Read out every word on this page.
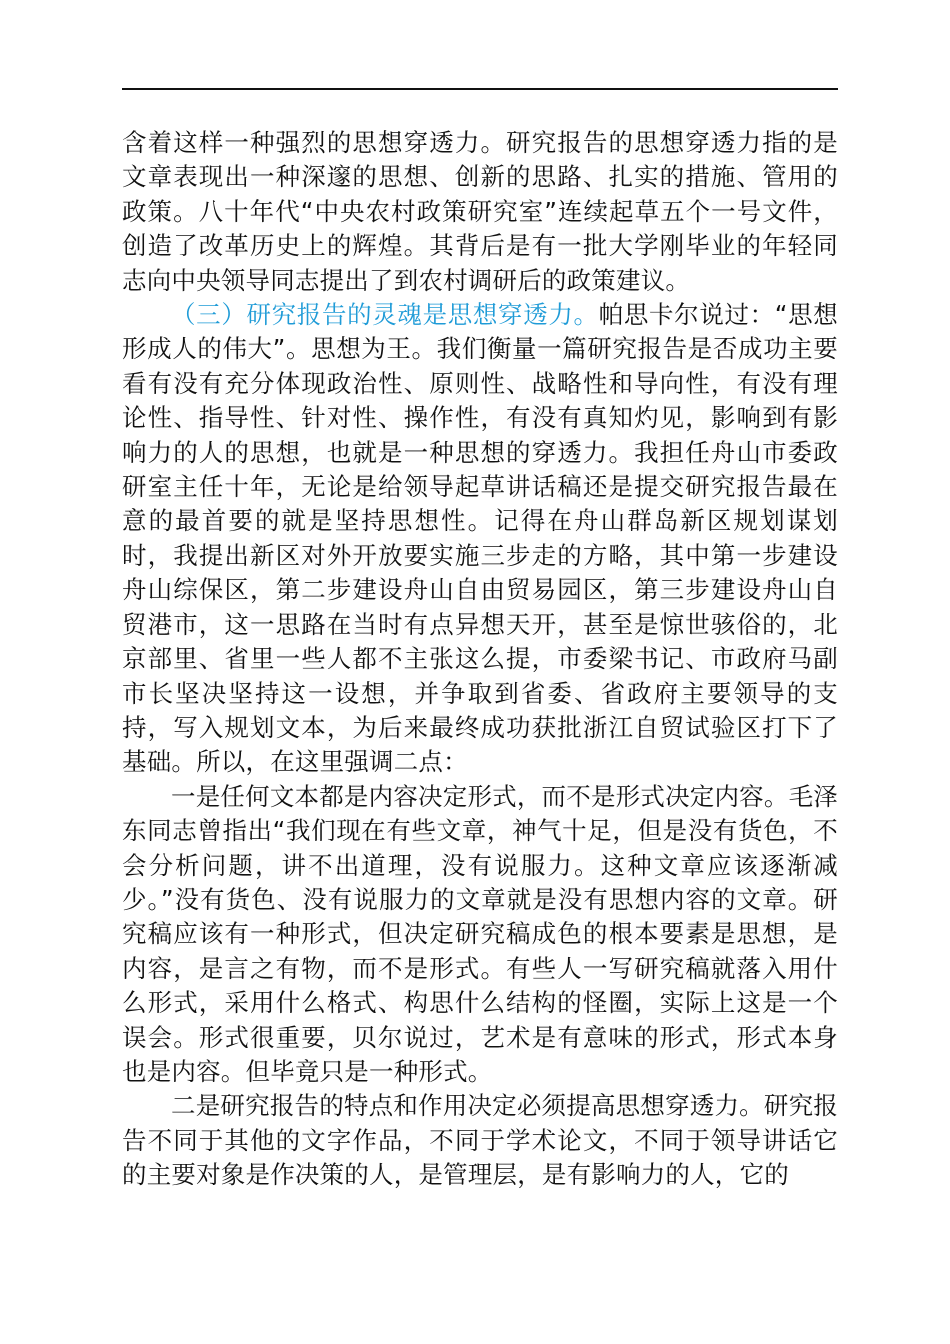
含着这样一种强烈的思想穿透力。研究报告的思想穿透力指的是文章表现出一种深邃的思想、创新的思路、扎实的措施、管用的政策。八十年代“中央农村政策研究室”连续起草五个一号文件，创造了改革历史上的辉煌。其背后是有一批大学刚毕业的年轻同志向中央领导同志提出了到农村调研后的政策建议。

（三）研究报告的灵魂是思想穿透力。帕思卡尔说过：“思想形成人的伟大”。思想为王。我们衡量一篇研究报告是否成功主要看有没有充分体现政治性、原则性、战略性和导向性，有没有理论性、指导性、针对性、操作性，有没有真知灼见，影响到有影响力的人的思想，也就是一种思想的穿透力。我担任舟山市委政研室主任十年，无论是给领导起草讲话稿还是提交研究报告最在意的最首要的就是坚持思想性。记得在舟山群岛新区规划谋划时，我提出新区对外开放要实施三步走的方略，其中第一步建设舟山综保区，第二步建设舟山自由贸易园区，第三步建设舟山自贸港市，这一思路在当时有点异想天开，甚至是惊世骇俗的，北京部里、省里一些人都不主张这么提，市委梁书记、市政府马副市长坚决坚持这一设想，并争取到省委、省政府主要领导的支持，写入规划文本，为后来最终成功获批浙江自贸试验区打下了基础。所以，在这里强调二点：

一是任何文本都是内容决定形式，而不是形式决定内容。毛泽东同志曾指出“我们现在有些文章，神气十足，但是没有货色，不会分析问题，讲不出道理，没有说服力。这种文章应该逐渐减少。”没有货色、没有说服力的文章就是没有思想内容的文章。研究稿应该有一种形式，但决定研究稿成色的根本要素是思想，是内容，是言之有物，而不是形式。有些人一写研究稿就落入用什么形式，采用什么格式、构思什么结构的怪圈，实际上这是一个误会。形式很重要，贝尔说过，艺术是有意味的形式，形式本身也是内容。但毕竟只是一种形式。

二是研究报告的特点和作用决定必须提高思想穿透力。研究报告不同于其他的文字作品，不同于学术论文，不同于领导讲话它的主要对象是作决策的人，是管理层，是有影响力的人，它的
